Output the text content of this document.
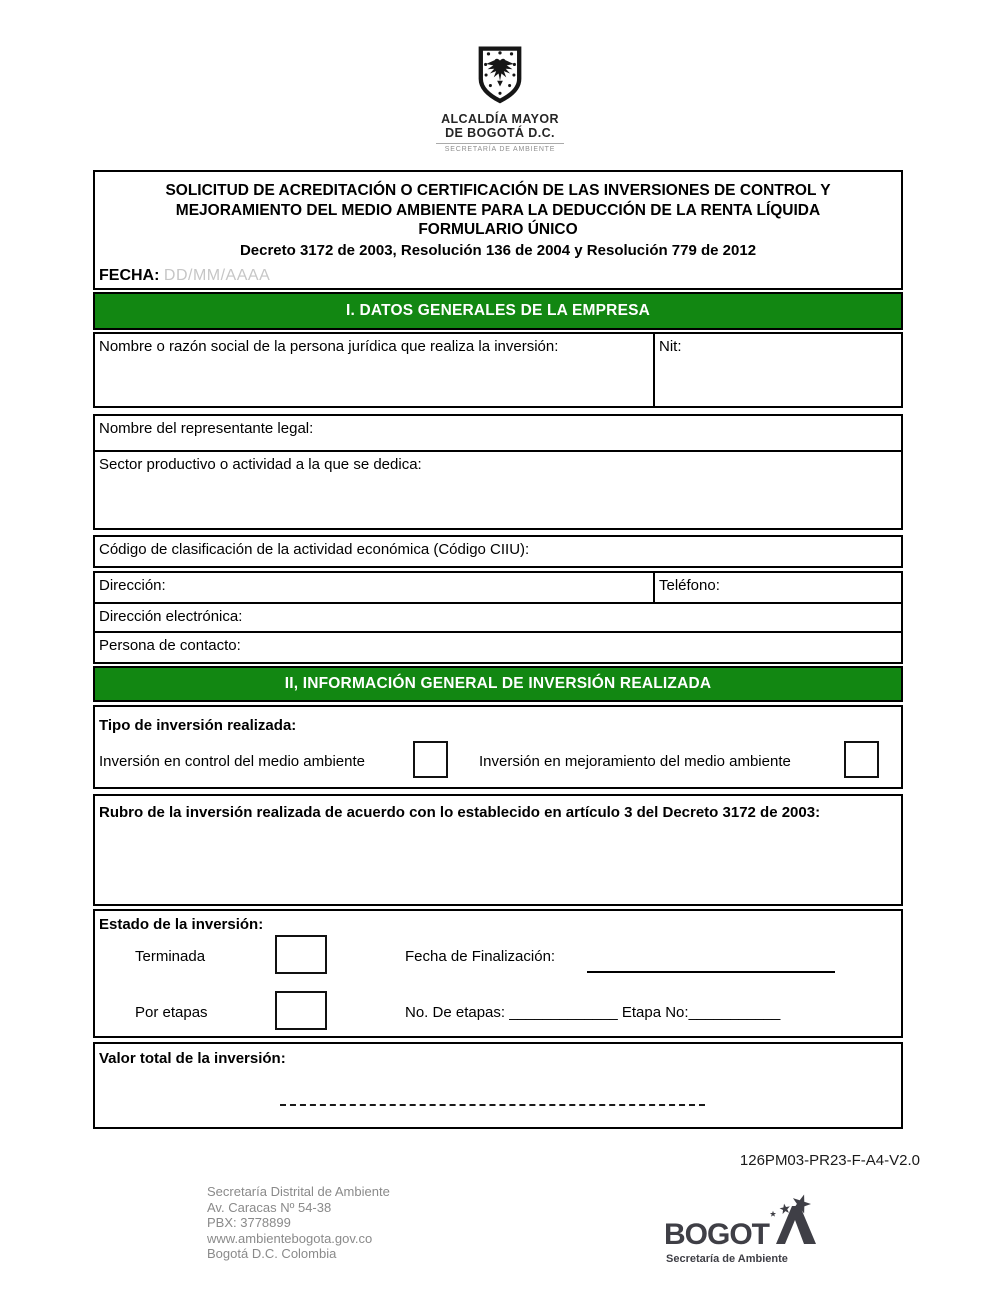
ALCALDÍA MAYOR
DE BOGOTÁ D.C.
SECRETARÍA DE AMBIENTE
SOLICITUD DE ACREDITACIÓN O CERTIFICACIÓN DE LAS INVERSIONES DE CONTROL Y MEJORAMIENTO DEL MEDIO AMBIENTE PARA LA DEDUCCIÓN DE LA RENTA LÍQUIDA
FORMULARIO ÚNICO
Decreto 3172 de 2003, Resolución 136 de 2004 y Resolución 779 de 2012
FECHA: DD/MM/AAAA
I. DATOS GENERALES DE LA EMPRESA
Nombre o razón social de la persona jurídica que realiza la inversión:	Nit:
Nombre del representante legal:
Sector productivo o actividad a la que se dedica:
Código de clasificación de la actividad económica (Código CIIU):
Dirección:	Teléfono:
Dirección electrónica:
Persona de contacto:
II, INFORMACIÓN GENERAL DE INVERSIÓN REALIZADA
Tipo de inversión realizada:
Inversión en control del medio ambiente	Inversión en mejoramiento del medio ambiente
Rubro de la inversión realizada de acuerdo con lo establecido en artículo 3 del Decreto 3172 de 2003:
Estado de la inversión:
Terminada	Fecha de Finalización:
Por etapas	No. De etapas: _____________ Etapa No:___________
Valor total de la inversión:
126PM03-PR23-F-A4-V2.0
Secretaría Distrital de Ambiente
Av. Caracas Nº 54-38
PBX: 3778899
www.ambientebogota.gov.co
Bogotá D.C. Colombia
BOGOT
Secretaría de Ambiente
